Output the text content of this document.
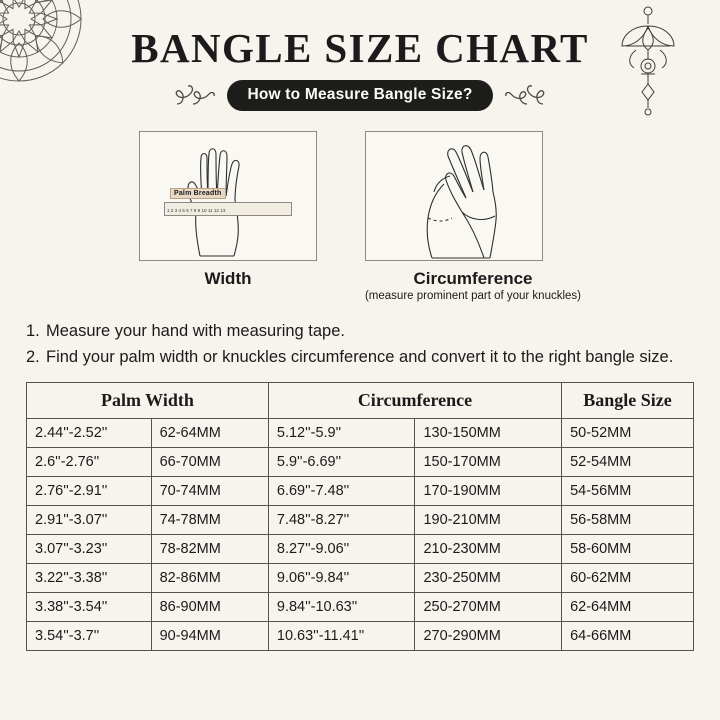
BANGLE SIZE CHART
How to Measure Bangle Size?
Palm Breadth
1 2 3 4 5 6 7 8 9 10 11 12 13
Width	Circumference
(measure prominent part of your knuckles)
1. Measure your hand with measuring tape.
2. Find your palm width or knuckles circumference and convert it to the right bangle size.
Palm Width		Circumference		Bangle Size
2.44''-2.52''	62-64MM	5.12''-5.9''	130-150MM	50-52MM
2.6''-2.76''	66-70MM	5.9''-6.69''	150-170MM	52-54MM
2.76''-2.91''	70-74MM	6.69''-7.48''	170-190MM	54-56MM
2.91''-3.07''	74-78MM	7.48''-8.27''	190-210MM	56-58MM
3.07''-3.23''	78-82MM	8.27''-9.06''	210-230MM	58-60MM
3.22''-3.38''	82-86MM	9.06''-9.84''	230-250MM	60-62MM
3.38''-3.54''	86-90MM	9.84''-10.63''	250-270MM	62-64MM
3.54''-3.7''	90-94MM	10.63''-11.41''	270-290MM	64-66MM
